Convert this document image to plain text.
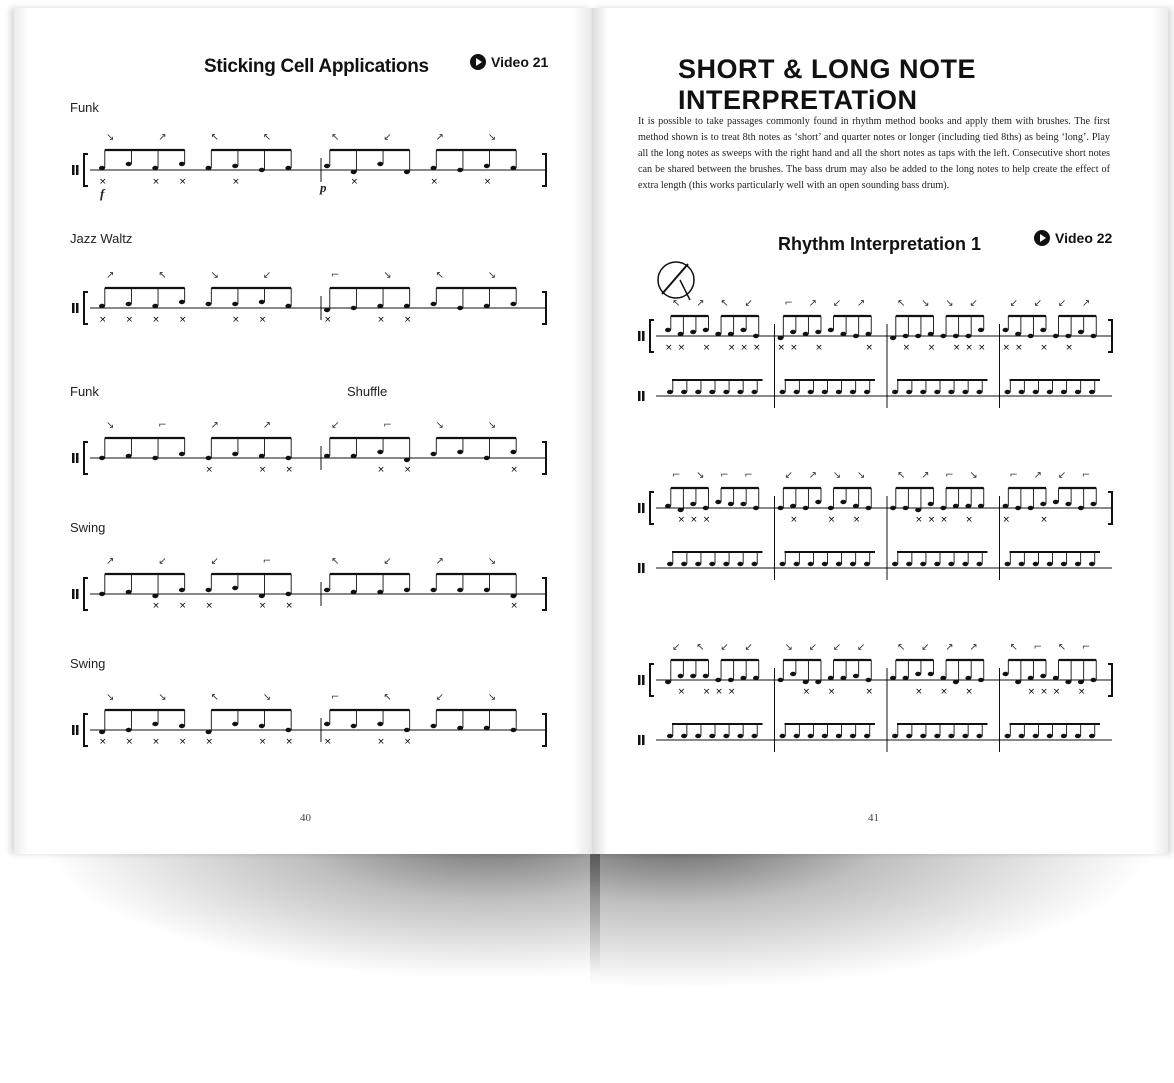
Sticking Cell Applications	Video 21
Funk
Jazz Waltz
Funk	Shuffle
Swing
Swing
f	p
×	× ×	×
↘	↗	↖	↖
×	×	×
↖	↙	↗	↘
× × × ×	× ×
↗	↖	↘	↙
×	× ×
⌐	↘	↖	↘
×	× ×
↘	⌐	↗	↗
× ×	×
↙	⌐	↘	↘
× × ×	× ×
↗	↙	↙	⌐
×
↖	↙	↗	↘
× × × × ×	× ×
↘	↘	↖	↘
×	× ×
⌐	↖	↙	↘
40
SHORT & LONG NOTE INTERPRETATiON
It is possible to take passages commonly found in rhythm method books and apply them with brushes. The first method shown is to treat 8th notes as ‘short’ and quarter notes or longer (including tied 8ths) as being ‘long’. Play all the long notes as sweeps with the right hand and all the short notes as taps with the left. Consecutive short notes can be shared between the brushes. The bass drum may also be added to the long notes to help create the effect of extra length (this works particularly well with an open sounding bass drum).
Rhythm Interpretation 1	Video 22
× × × × × ×
↖ ↗ ↖ ↙
× × ×	×
⌐ ↗ ↙ ↗
× × × × ×
↖ ↘ ↘ ↙
× × × ×
↙ ↙ ↙ ↗
× × ×
⌐ ↘ ⌐ ⌐
×	× ×
↙ ↗ ↘ ↘
× × × ×
↖ ↗ ⌐ ↘
×	×
⌐ ↗ ↙ ⌐
× × × ×
↙ ↖ ↙ ↙
× ×	×
↘ ↙ ↙ ↙
× × ×
↖ ↙ ↗ ↗
× × × ×
↖ ⌐ ↖ ⌐
41
